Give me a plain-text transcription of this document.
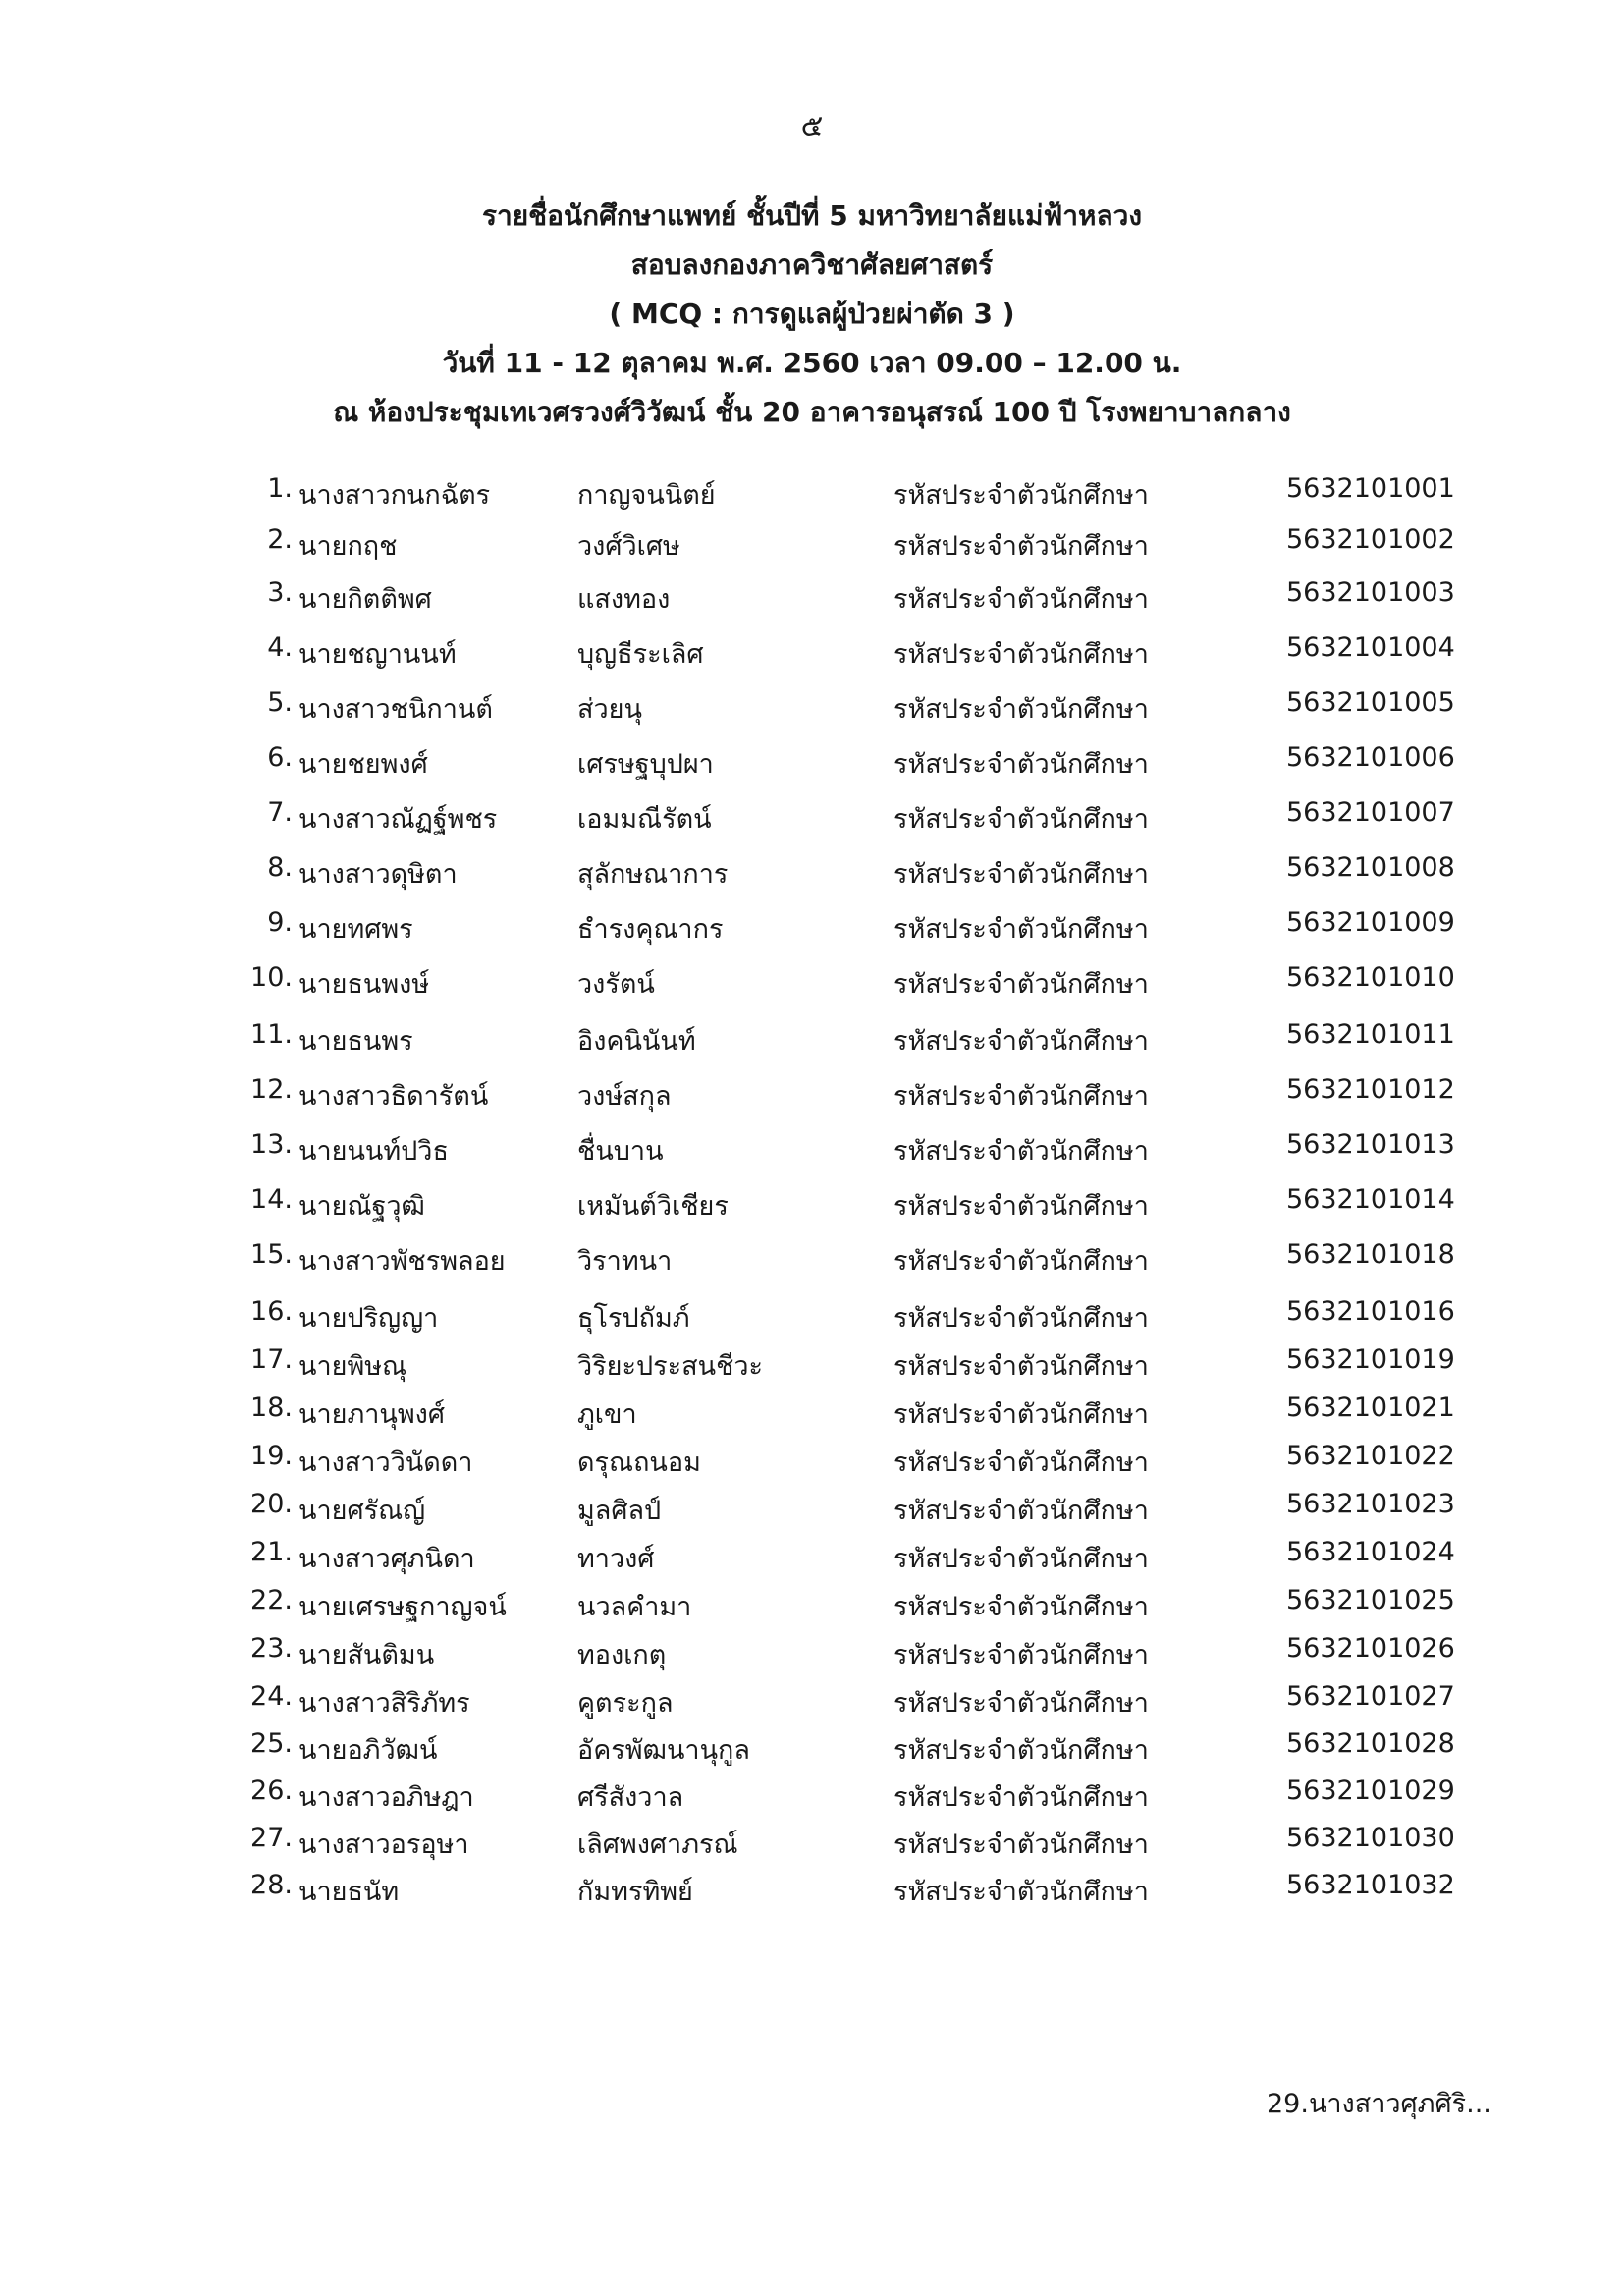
๕
รายชื่อนักศึกษาแพทย์ ชั้นปีที่ 5 มหาวิทยาลัยแม่ฟ้าหลวง
สอบลงกองภาควิชาศัลยศาสตร์
( MCQ : การดูแลผู้ป่วยผ่าตัด 3 )
วันที่ 11 - 12 ตุลาคม พ.ศ. 2560 เวลา 09.00 – 12.00 น.
ณ ห้องประชุมเทเวศรวงศ์วิวัฒน์ ชั้น 20 อาคารอนุสรณ์ 100 ปี โรงพยาบาลกลาง
1. นางสาวกนกฉัตร	กาญจนนิตย์	รหัสประจำตัวนักศึกษา	5632101001
2. นายกฤช	วงศ์วิเศษ	รหัสประจำตัวนักศึกษา	5632101002
3. นายกิตติพศ	แสงทอง	รหัสประจำตัวนักศึกษา	5632101003
4. นายชญานนท์	บุญธีระเลิศ	รหัสประจำตัวนักศึกษา	5632101004
5. นางสาวชนิกานต์	ส่วยนุ	รหัสประจำตัวนักศึกษา	5632101005
6. นายชยพงศ์	เศรษฐบุปผา	รหัสประจำตัวนักศึกษา	5632101006
7. นางสาวณัฏฐ์พชร	เอมมณีรัตน์	รหัสประจำตัวนักศึกษา	5632101007
8. นางสาวดุษิตา	สุลักษณาการ	รหัสประจำตัวนักศึกษา	5632101008
9. นายทศพร	ธำรงคุณากร	รหัสประจำตัวนักศึกษา	5632101009
10. นายธนพงษ์	วงรัตน์	รหัสประจำตัวนักศึกษา	5632101010
11. นายธนพร	อิงคนินันท์	รหัสประจำตัวนักศึกษา	5632101011
12. นางสาวธิดารัตน์	วงษ์สกุล	รหัสประจำตัวนักศึกษา	5632101012
13. นายนนท์ปวิธ	ชื่นบาน	รหัสประจำตัวนักศึกษา	5632101013
14. นายณัฐวุฒิ	เหมันต์วิเชียร	รหัสประจำตัวนักศึกษา	5632101014
15. นางสาวพัชรพลอย	วิราทนา	รหัสประจำตัวนักศึกษา	5632101018
16. นายปริญญา	ธุโรปถัมภ์	รหัสประจำตัวนักศึกษา	5632101016
17. นายพิษณุ	วิริยะประสนชีวะ	รหัสประจำตัวนักศึกษา	5632101019
18. นายภานุพงศ์	ภูเขา	รหัสประจำตัวนักศึกษา	5632101021
19. นางสาววินัดดา	ดรุณถนอม	รหัสประจำตัวนักศึกษา	5632101022
20. นายศรัณญ์	มูลศิลป์	รหัสประจำตัวนักศึกษา	5632101023
21. นางสาวศุภนิดา	ทาวงศ์	รหัสประจำตัวนักศึกษา	5632101024
22. นายเศรษฐกาญจน์	นวลคำมา	รหัสประจำตัวนักศึกษา	5632101025
23. นายสันติมน	ทองเกตุ	รหัสประจำตัวนักศึกษา	5632101026
24. นางสาวสิริภัทร	คูตระกูล	รหัสประจำตัวนักศึกษา	5632101027
25. นายอภิวัฒน์	อัครพัฒนานุกูล	รหัสประจำตัวนักศึกษา	5632101028
26. นางสาวอภิษฎา	ศรีสังวาล	รหัสประจำตัวนักศึกษา	5632101029
27. นางสาวอรอุษา	เลิศพงศาภรณ์	รหัสประจำตัวนักศึกษา	5632101030
28. นายธนัท	กัมทรทิพย์	รหัสประจำตัวนักศึกษา	5632101032
29.นางสาวศุภศิริ...
